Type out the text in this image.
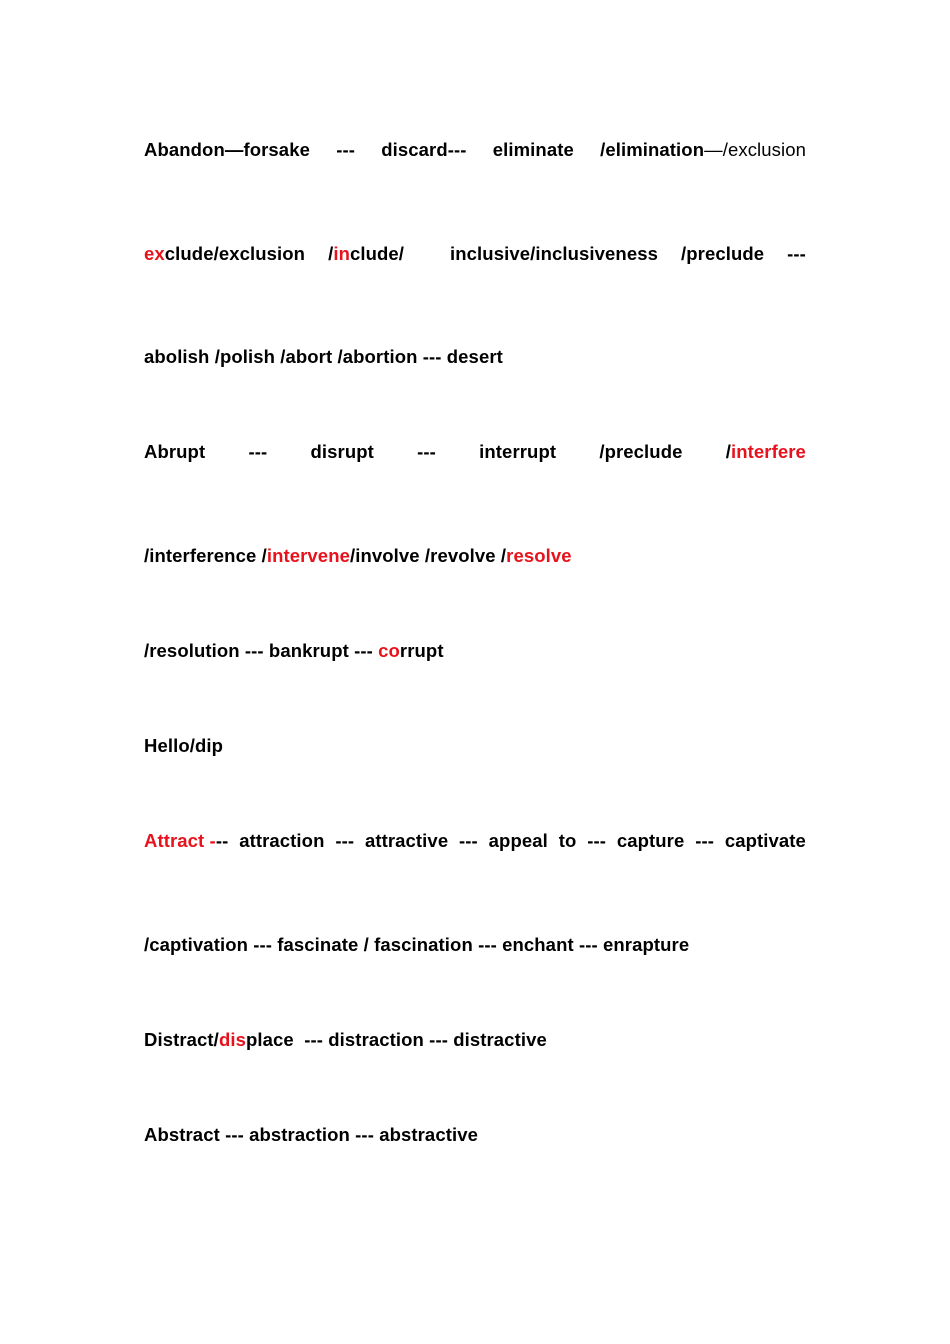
Abandon—forsake --- discard--- eliminate /elimination—/exclusion
exclude/exclusion /include/ inclusive/inclusiveness /preclude ---
abolish /polish /abort /abortion --- desert
Abrupt --- disrupt --- interrupt /preclude /interfere
/interference /intervene/involve /revolve /resolve
/resolution --- bankrupt --- corrupt
Hello/dip
Attract --- attraction --- attractive --- appeal to --- capture --- captivate
/captivation --- fascinate / fascination --- enchant --- enrapture
Distract/displace  --- distraction --- distractive
Abstract --- abstraction --- abstractive
